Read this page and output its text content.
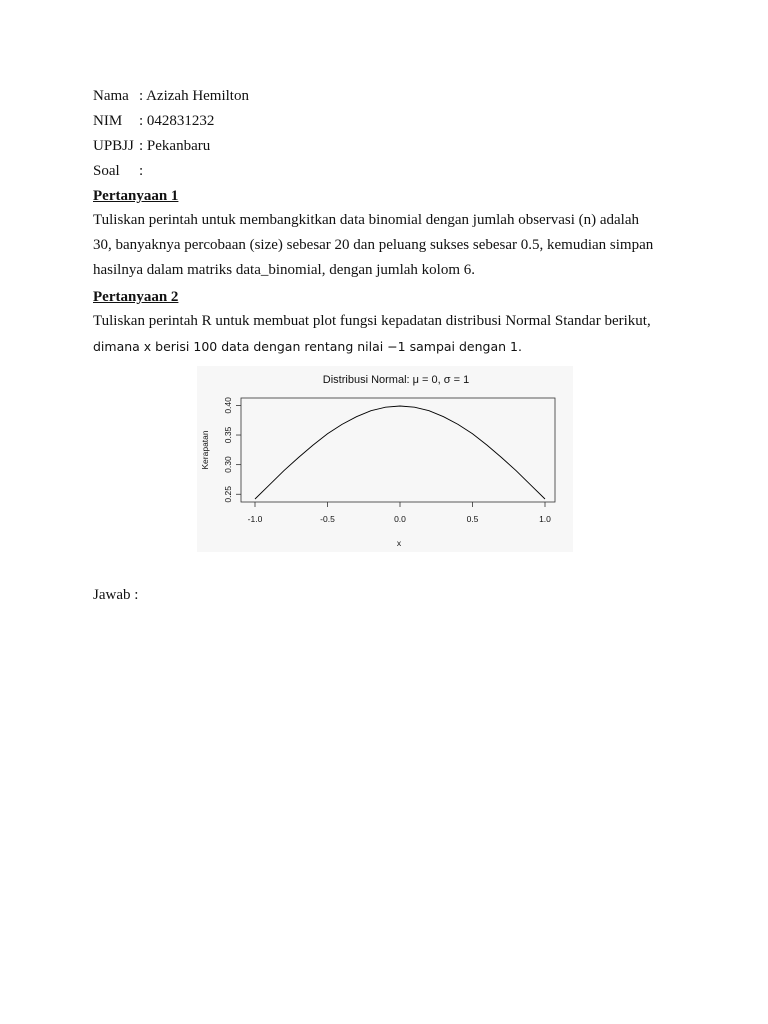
Nama : Azizah Hemilton
NIM : 042831232
UPBJJ : Pekanbaru
Soal :
Pertanyaan 1
Tuliskan perintah untuk membangkitkan data binomial dengan jumlah observasi (n) adalah
30, banyaknya percobaan (size) sebesar 20 dan peluang sukses sebesar 0.5, kemudian simpan
hasilnya dalam matriks data_binomial, dengan jumlah kolom 6.
Pertanyaan 2
Tuliskan perintah R untuk membuat plot fungsi kepadatan distribusi Normal Standar berikut,
dimana x berisi 100 data dengan rentang nilai −1 sampai dengan 1.
Distribusi Normal: μ = 0, σ = 1
-1.0	-0.5	0.0	0.5	1.0
0.25
0.30
0.35
0.40
x
Kerapatan
Jawab :
